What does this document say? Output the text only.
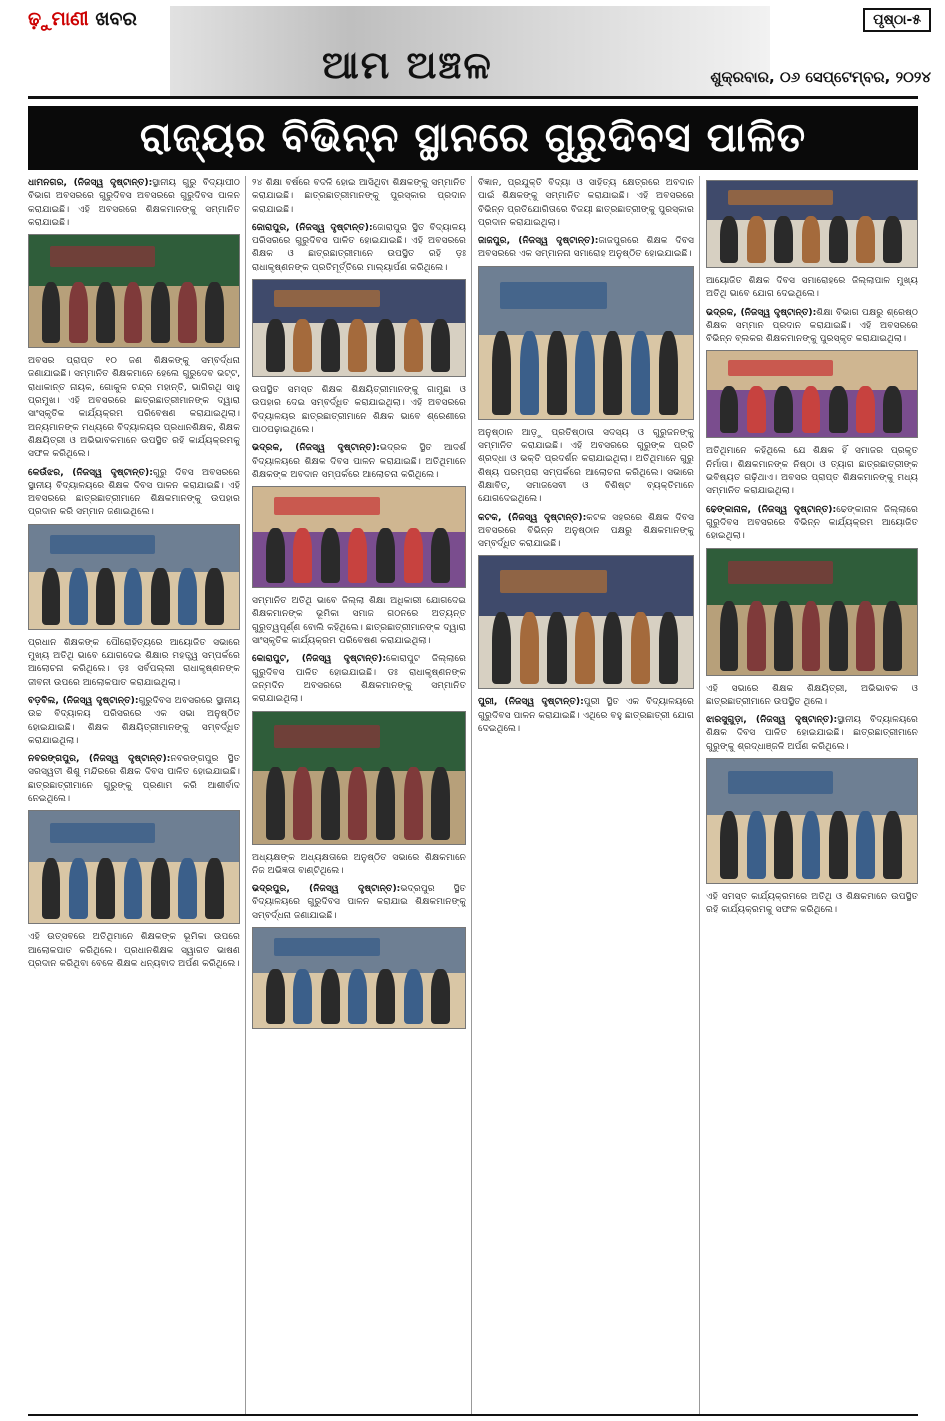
ଢ଼ୁମାଣୀ ଖବର
ଆମ ଅଞ୍ଚଳ
ପୃଷ୍ଠା-୫
ଶୁକ୍ରବାର, ୦୬ ସେପ୍ଟେମ୍ବର, ୨୦୨୪
ରାଜ୍ୟର ବିଭିନ୍ନ ସ୍ଥାନରେ ଗୁରୁଦିବସ ପାଳିତ

ଧାମନଗର, (ନିଜସ୍ୱ ଦୃଷ୍ଟାନ୍ତ):ସ୍ଥାନୀୟ ଗୁରୁ ବିଦ୍ୟାପୀଠ ବିଭାଗ ଅବସରରେ ଗୁରୁଦିବସ ଅବସରରେ ଗୁରୁଦିବସ ପାଳନ କରାଯାଇଛି। ଏହି ଅବସରରେ ଶିକ୍ଷକମାନଙ୍କୁ ସମ୍ମାନିତ କରାଯାଇଛି।

ଅବସର ପ୍ରାପ୍ତ ୧୦ ଜଣ ଶିକ୍ଷକଙ୍କୁ ସମ୍ବର୍ଦ୍ଧନା ଜଣାଯାଇଛି। ସମ୍ମାନିତ ଶିକ୍ଷକମାନେ ହେଲେ ଗୁରୁଦେବ ଭଟ୍ଟ, ରାଧାକାନ୍ତ ନାୟକ, ଗୋକୁଳ ଚନ୍ଦ୍ର ମହାନ୍ତି, ଭାଗିରଥି ସାହୁ ପ୍ରମୁଖ। ଏହି ଅବସରରେ ଛାତ୍ରଛାତ୍ରୀମାନଙ୍କ ଦ୍ୱାରା ସାଂସ୍କୃତିକ କାର୍ଯ୍ୟକ୍ରମ ପରିବେଷଣ କରାଯାଇଥିଲା। ଅନ୍ୟମାନଙ୍କ ମଧ୍ୟରେ ବିଦ୍ୟାଳୟର ପ୍ରଧାନଶିକ୍ଷକ, ଶିକ୍ଷକ ଶିକ୍ଷୟିତ୍ରୀ ଓ ଅଭିଭାବକମାନେ ଉପସ୍ଥିତ ରହି କାର୍ଯ୍ୟକ୍ରମକୁ ସଫଳ କରିଥିଲେ।

କେଉଁଝର, (ନିଜସ୍ୱ ଦୃଷ୍ଟାନ୍ତ):ଗୁରୁ ଦିବସ ଅବସରରେ ସ୍ଥାନୀୟ ବିଦ୍ୟାଳୟରେ ଶିକ୍ଷକ ଦିବସ ପାଳନ କରାଯାଇଛି। ଏହି ଅବସରରେ ଛାତ୍ରଛାତ୍ରୀମାନେ ଶିକ୍ଷକମାନଙ୍କୁ ଉପହାର ପ୍ରଦାନ କରି ସମ୍ମାନ ଜଣାଇଥିଲେ।

ପ୍ରଧାନ ଶିକ୍ଷକଙ୍କ ପୌରୋହିତ୍ୟରେ ଆୟୋଜିତ ସଭାରେ ମୁଖ୍ୟ ଅତିଥି ଭାବେ ଯୋଗଦେଇ ଶିକ୍ଷାର ମହତ୍ତ୍ୱ ସମ୍ପର୍କରେ ଆଲୋଚନା କରିଥିଲେ। ଡ଼ଃ ସର୍ବପଲ୍ଲୀ ରାଧାକୃଷ୍ଣନଙ୍କ ଜୀବନୀ ଉପରେ ଆଲୋକପାତ କରାଯାଇଥିଲା।

ବଡ଼ବିଲ, (ନିଜସ୍ୱ ଦୃଷ୍ଟାନ୍ତ):ଗୁରୁଦିବସ ଅବସରରେ ସ୍ଥାନୀୟ ଉଚ୍ଚ ବିଦ୍ୟାଳୟ ପରିସରରେ ଏକ ସଭା ଅନୁଷ୍ଠିତ ହୋଇଯାଇଛି। ଶିକ୍ଷକ ଶିକ୍ଷୟିତ୍ରୀମାନଙ୍କୁ ସମ୍ବର୍ଦ୍ଧିତ କରାଯାଇଥିଲା।

ନବରଙ୍ଗପୁର, (ନିଜସ୍ୱ ଦୃଷ୍ଟାନ୍ତ):ନବରଙ୍ଗପୁର ସ୍ଥିତ ସରସ୍ୱତୀ ଶିଶୁ ମନ୍ଦିରରେ ଶିକ୍ଷକ ଦିବସ ପାଳିତ ହୋଇଯାଇଛି। ଛାତ୍ରଛାତ୍ରୀମାନେ ଗୁରୁଙ୍କୁ ପ୍ରଣାମ କରି ଆଶୀର୍ବାଦ ନେଇଥିଲେ।

ଏହି ଉତ୍ସବରେ ଅତିଥିମାନେ ଶିକ୍ଷକଙ୍କ ଭୂମିକା ଉପରେ ଆଲୋକପାତ କରିଥିଲେ। ପ୍ରଧାନଶିକ୍ଷକ ସ୍ୱାଗତ ଭାଷଣ ପ୍ରଦାନ କରିଥିବା ବେଳେ ଶିକ୍ଷକ ଧନ୍ୟବାଦ ଅର୍ପଣ କରିଥିଲେ।

୨୪ ଶିକ୍ଷା ବର୍ଷରେ ବଦଳି ହୋଇ ଆସିଥିବା ଶିକ୍ଷକଙ୍କୁ ସମ୍ମାନିତ କରାଯାଇଛି। ଛାତ୍ରଛାତ୍ରୀମାନଙ୍କୁ ପୁରସ୍କାର ପ୍ରଦାନ କରାଯାଇଛି।

ଜୋରାପୁର, (ନିଜସ୍ୱ ଦୃଷ୍ଟାନ୍ତ):ଜୋରାପୁର ସ୍ଥିତ ବିଦ୍ୟାଳୟ ପରିସରରେ ଗୁରୁଦିବସ ପାଳିତ ହୋଇଯାଇଛି। ଏହି ଅବସରରେ ଶିକ୍ଷକ ଓ ଛାତ୍ରଛାତ୍ରୀମାନେ ଉପସ୍ଥିତ ରହି ଡ଼ଃ ରାଧାକୃଷ୍ଣନଙ୍କ ପ୍ରତିମୂର୍ତ୍ତିରେ ମାଲ୍ୟାର୍ପଣ କରିଥିଲେ।

ଉପସ୍ଥିତ ସମସ୍ତ ଶିକ୍ଷକ ଶିକ୍ଷୟିତ୍ରୀମାନଙ୍କୁ ଗାମୁଛା ଓ ଉପହାର ଦେଇ ସମ୍ବର୍ଦ୍ଧିତ କରାଯାଇଥିଲା। ଏହି ଅବସରରେ ବିଦ୍ୟାଳୟର ଛାତ୍ରଛାତ୍ରୀମାନେ ଶିକ୍ଷକ ଭାବେ ଶ୍ରେଣୀରେ ପାଠପଢ଼ାଇଥିଲେ।

ଭଦ୍ରକ, (ନିଜସ୍ୱ ଦୃଷ୍ଟାନ୍ତ):ଭଦ୍ରକ ସ୍ଥିତ ଆଦର୍ଶ ବିଦ୍ୟାଳୟରେ ଶିକ୍ଷକ ଦିବସ ପାଳନ କରାଯାଇଛି। ଅତିଥିମାନେ ଶିକ୍ଷକଙ୍କ ଅବଦାନ ସମ୍ପର୍କରେ ଆଲୋଚନା କରିଥିଲେ।

ସମ୍ମାନିତ ଅତିଥି ଭାବେ ଜିଲ୍ଲା ଶିକ୍ଷା ଅଧିକାରୀ ଯୋଗଦେଇ ଶିକ୍ଷକମାନଙ୍କ ଭୂମିକା ସମାଜ ଗଠନରେ ଅତ୍ୟନ୍ତ ଗୁରୁତ୍ୱପୂର୍ଣ୍ଣ ବୋଲି କହିଥିଲେ। ଛାତ୍ରଛାତ୍ରୀମାନଙ୍କ ଦ୍ୱାରା ସାଂସ୍କୃତିକ କାର୍ଯ୍ୟକ୍ରମ ପରିବେଷଣ କରାଯାଇଥିଲା।

କୋରାପୁଟ, (ନିଜସ୍ୱ ଦୃଷ୍ଟାନ୍ତ):କୋରାପୁଟ ଜିଲ୍ଲାରେ ଗୁରୁଦିବସ ପାଳିତ ହୋଇଯାଇଛି। ଡଃ ରାଧାକୃଷ୍ଣନଙ୍କ ଜନ୍ମଦିନ ଅବସରରେ ଶିକ୍ଷକମାନଙ୍କୁ ସମ୍ମାନିତ କରାଯାଇଥିଲା।

ଅଧ୍ୟକ୍ଷଙ୍କ ଅଧ୍ୟକ୍ଷତାରେ ଅନୁଷ୍ଠିତ ସଭାରେ ଶିକ୍ଷକମାନେ ନିଜ ଅଭିଜ୍ଞତା ବାଣ୍ଟିଥିଲେ।

ଭଦ୍ରପୁର, (ନିଜସ୍ୱ ଦୃଷ୍ଟାନ୍ତ):ଭଦ୍ରପୁର ସ୍ଥିତ ବିଦ୍ୟାଳୟରେ ଗୁରୁଦିବସ ପାଳନ କରାଯାଇ ଶିକ୍ଷକମାନଙ୍କୁ ସମ୍ବର୍ଦ୍ଧନା ଜଣାଯାଇଛି।

ବିଜ୍ଞାନ, ପ୍ରଯୁକ୍ତି ବିଦ୍ୟା ଓ ସାହିତ୍ୟ କ୍ଷେତ୍ରରେ ଅବଦାନ ପାଇଁ ଶିକ୍ଷକଙ୍କୁ ସମ୍ମାନିତ କରାଯାଇଛି। ଏହି ଅବସରରେ ବିଭିନ୍ନ ପ୍ରତିଯୋଗିତାରେ ବିଜୟୀ ଛାତ୍ରଛାତ୍ରୀଙ୍କୁ ପୁରସ୍କାର ପ୍ରଦାନ କରାଯାଇଥିଲା।

ଜାଜପୁର, (ନିଜସ୍ୱ ଦୃଷ୍ଟାନ୍ତ):ଜାଜପୁରରେ ଶିକ୍ଷକ ଦିବସ ଅବସରରେ ଏକ ସମ୍ମାନନା ସମାରୋହ ଅନୁଷ୍ଠିତ ହୋଇଯାଇଛି।

ଅନୁଷ୍ଠାନ ଆଡ଼ୁ ପ୍ରତିଷ୍ଠାତା ସଦସ୍ୟ ଓ ଗୁରୁଜନଙ୍କୁ ସମ୍ମାନିତ କରାଯାଇଛି। ଏହି ଅବସରରେ ଗୁରୁଙ୍କ ପ୍ରତି ଶ୍ରଦ୍ଧା ଓ ଭକ୍ତି ପ୍ରଦର୍ଶନ କରାଯାଇଥିଲା। ଅତିଥିମାନେ ଗୁରୁ ଶିଷ୍ୟ ପରମ୍ପରା ସମ୍ପର୍କରେ ଆଲୋଚନା କରିଥିଲେ। ସଭାରେ ଶିକ୍ଷାବିତ୍, ସମାଜସେବୀ ଓ ବିଶିଷ୍ଟ ବ୍ୟକ୍ତିମାନେ ଯୋଗଦେଇଥିଲେ।

କଟକ, (ନିଜସ୍ୱ ଦୃଷ୍ଟାନ୍ତ):କଟକ ସହରରେ ଶିକ୍ଷକ ଦିବସ ଅବସରରେ ବିଭିନ୍ନ ଅନୁଷ୍ଠାନ ପକ୍ଷରୁ ଶିକ୍ଷକମାନଙ୍କୁ ସମ୍ବର୍ଦ୍ଧିତ କରାଯାଇଛି।

ପୁରୀ, (ନିଜସ୍ୱ ଦୃଷ୍ଟାନ୍ତ):ପୁରୀ ସ୍ଥିତ ଏକ ବିଦ୍ୟାଳୟରେ ଗୁରୁଦିବସ ପାଳନ କରାଯାଇଛି। ଏଥିରେ ବହୁ ଛାତ୍ରଛାତ୍ରୀ ଯୋଗ ଦେଇଥିଲେ।

ଆୟୋଜିତ ଶିକ୍ଷକ ଦିବସ ସମାରୋହରେ ଜିଲ୍ଲାପାଳ ମୁଖ୍ୟ ଅତିଥି ଭାବେ ଯୋଗ ଦେଇଥିଲେ।

ଭଦ୍ରକ, (ନିଜସ୍ୱ ଦୃଷ୍ଟାନ୍ତ):ଶିକ୍ଷା ବିଭାଗ ପକ୍ଷରୁ ଶ୍ରେଷ୍ଠ ଶିକ୍ଷକ ସମ୍ମାନ ପ୍ରଦାନ କରାଯାଇଛି। ଏହି ଅବସରରେ ବିଭିନ୍ନ ବ୍ଲକର ଶିକ୍ଷକମାନଙ୍କୁ ପୁରସ୍କୃତ କରାଯାଇଥିଲା।

ଅତିଥିମାନେ କହିଥିଲେ ଯେ ଶିକ୍ଷକ ହିଁ ସମାଜର ପ୍ରକୃତ ନିର୍ମାତା। ଶିକ୍ଷକମାନଙ୍କ ନିଷ୍ଠା ଓ ତ୍ୟାଗ ଛାତ୍ରଛାତ୍ରୀଙ୍କ ଭବିଷ୍ୟତ ଗଢ଼ିଥାଏ। ଅବସର ପ୍ରାପ୍ତ ଶିକ୍ଷକମାନଙ୍କୁ ମଧ୍ୟ ସମ୍ମାନିତ କରାଯାଇଥିଲା।

ଢେଙ୍କାନାଳ, (ନିଜସ୍ୱ ଦୃଷ୍ଟାନ୍ତ):ଢେଙ୍କାନାଳ ଜିଲ୍ଲାରେ ଗୁରୁଦିବସ ଅବସରରେ ବିଭିନ୍ନ କାର୍ଯ୍ୟକ୍ରମ ଆୟୋଜିତ ହୋଇଥିଲା।

ଏହି ସଭାରେ ଶିକ୍ଷକ ଶିକ୍ଷୟିତ୍ରୀ, ଅଭିଭାବକ ଓ ଛାତ୍ରଛାତ୍ରୀମାନେ ଉପସ୍ଥିତ ଥିଲେ।

ଝାରସୁଗୁଡ଼ା, (ନିଜସ୍ୱ ଦୃଷ୍ଟାନ୍ତ):ସ୍ଥାନୀୟ ବିଦ୍ୟାଳୟରେ ଶିକ୍ଷକ ଦିବସ ପାଳିତ ହୋଇଯାଇଛି। ଛାତ୍ରଛାତ୍ରୀମାନେ ଗୁରୁଙ୍କୁ ଶ୍ରଦ୍ଧାଞ୍ଜଳି ଅର୍ପଣ କରିଥିଲେ।

ଏହି ସମସ୍ତ କାର୍ଯ୍ୟକ୍ରମରେ ଅତିଥି ଓ ଶିକ୍ଷକମାନେ ଉପସ୍ଥିତ ରହି କାର୍ଯ୍ୟକ୍ରମକୁ ସଫଳ କରିଥିଲେ।
